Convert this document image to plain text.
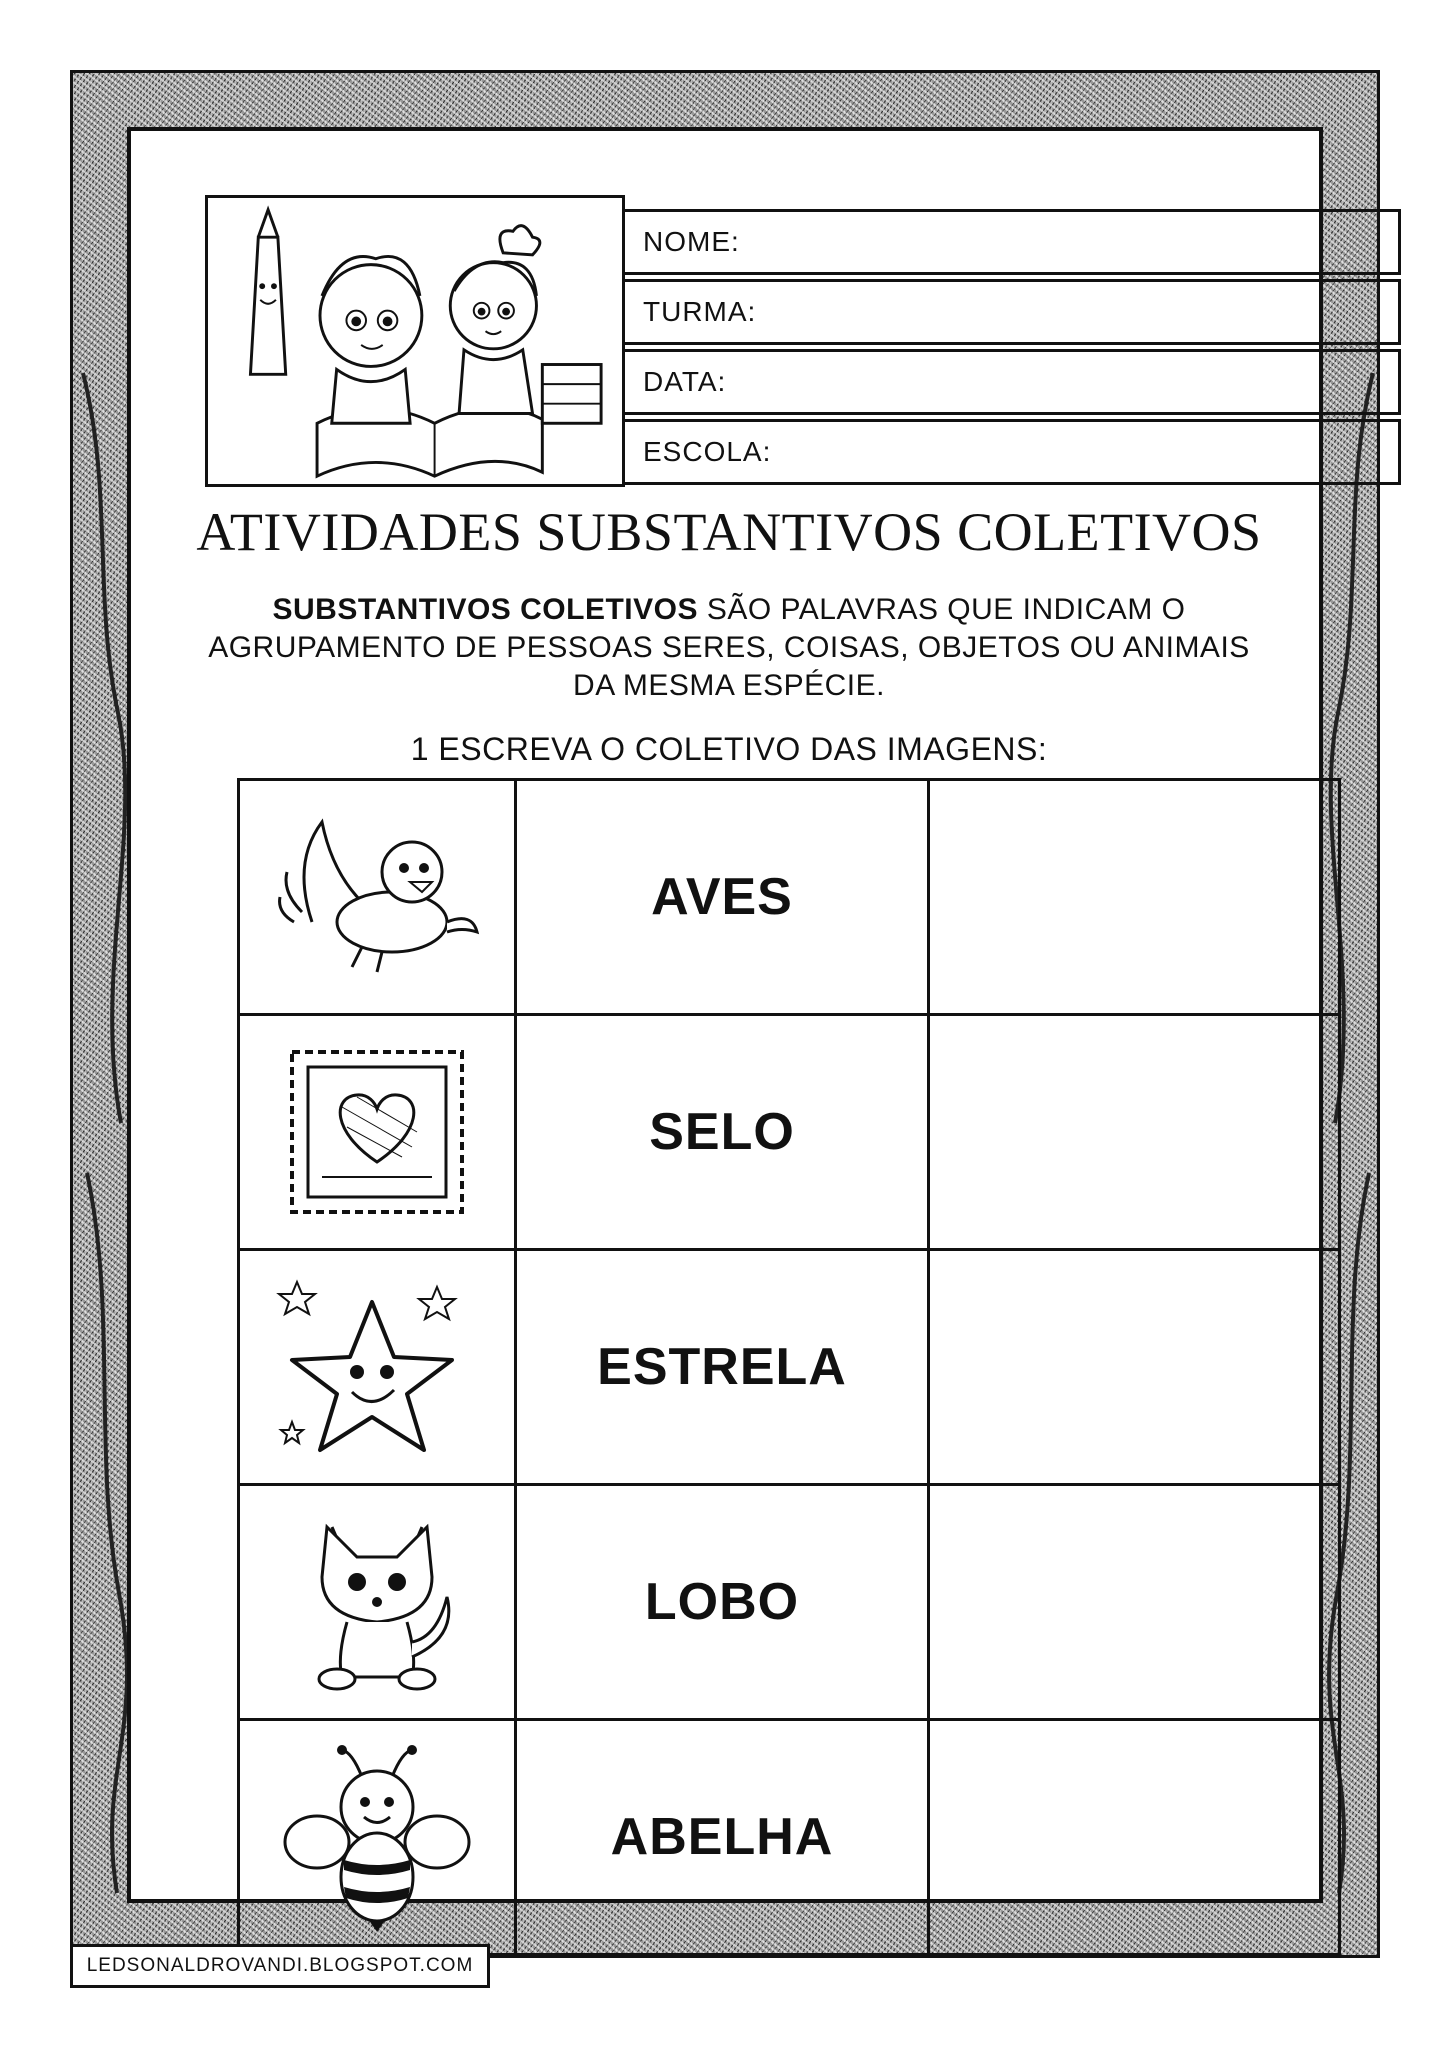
NOME:
TURMA:
DATA:
ESCOLA:
ATIVIDADES SUBSTANTIVOS COLETIVOS
SUBSTANTIVOS COLETIVOS SÃO PALAVRAS QUE INDICAM O AGRUPAMENTO DE PESSOAS SERES, COISAS, OBJETOS OU ANIMAIS DA MESMA ESPÉCIE.
1 ESCREVA O COLETIVO DAS IMAGENS:
AVES
SELO
ESTRELA
LOBO
ABELHA
LEDSONALDROVANDI.BLOGSPOT.COM
